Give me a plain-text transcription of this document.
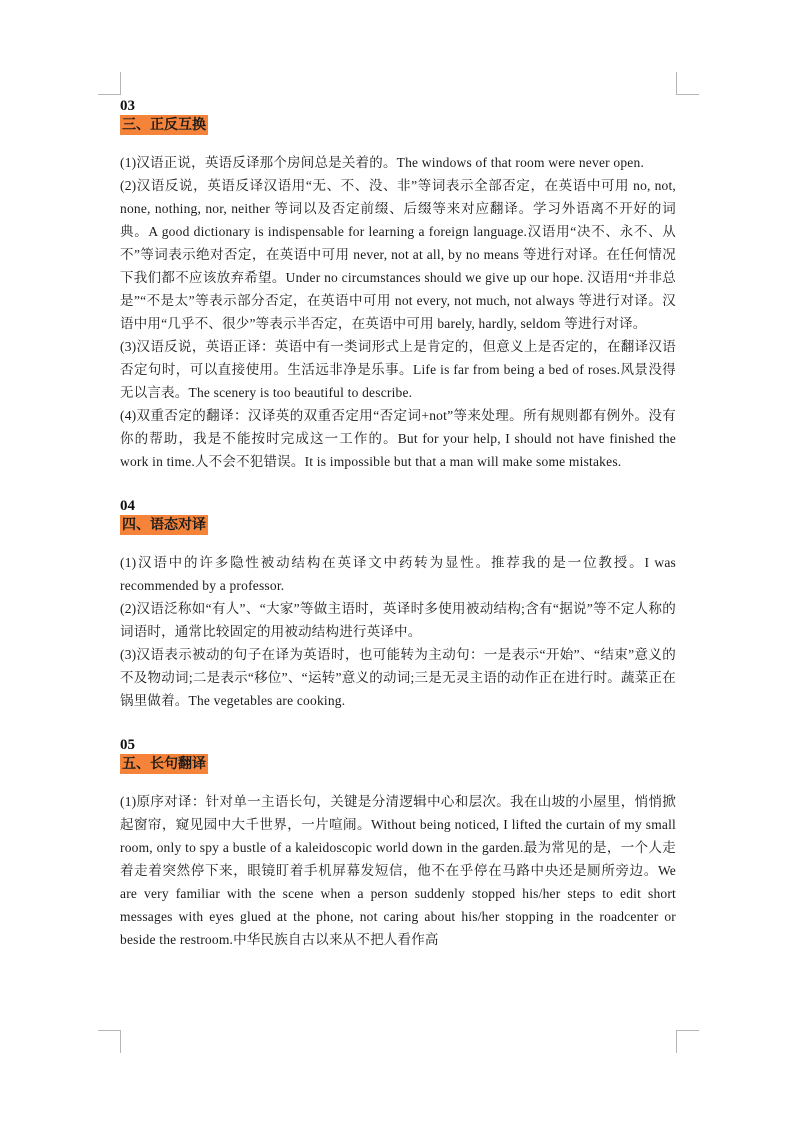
03
三、正反互换

(1)汉语正说，英语反译那个房间总是关着的。The windows of that room were never open.

(2)汉语反说，英语反译汉语用“无、不、没、非”等词表示全部否定，在英语中可用 no, not, none, nothing, nor, neither 等词以及否定前缀、后缀等来对应翻译。学习外语离不开好的词典。A good dictionary is indispensable for learning a foreign language.汉语用“决不、永不、从不”等词表示绝对否定，在英语中可用 never, not at all, by no means 等进行对译。在任何情况下我们都不应该放弃希望。Under no circumstances should we give up our hope. 汉语用“并非总是”“不是太”等表示部分否定，在英语中可用 not every, not much, not always 等进行对译。汉语中用“几乎不、很少”等表示半否定，在英语中可用 barely, hardly, seldom 等进行对译。

(3)汉语反说，英语正译：英语中有一类词形式上是肯定的，但意义上是否定的，在翻译汉语否定句时，可以直接使用。生活远非净是乐事。Life is far from being a bed of roses.风景没得无以言表。The scenery is too beautiful to describe.

(4)双重否定的翻译：汉译英的双重否定用“否定词+not”等来处理。所有规则都有例外。没有你的帮助，我是不能按时完成这一工作的。But for your help, I should not have finished the work in time.人不会不犯错误。It is impossible but that a man will make some mistakes.

04
四、语态对译

(1)汉语中的许多隐性被动结构在英译文中药转为显性。推荐我的是一位教授。I was recommended by a professor.

(2)汉语泛称如“有人”、“大家”等做主语时，英译时多使用被动结构;含有“据说”等不定人称的词语时，通常比较固定的用被动结构进行英译中。

(3)汉语表示被动的句子在译为英语时，也可能转为主动句：一是表示“开始”、“结束”意义的不及物动词;二是表示“移位”、“运转”意义的动词;三是无灵主语的动作正在进行时。蔬菜正在锅里做着。The vegetables are cooking.

05
五、长句翻译

(1)原序对译：针对单一主语长句，关键是分清逻辑中心和层次。我在山坡的小屋里，悄悄掀起窗帘，窥见园中大千世界，一片喧闹。Without being noticed, I lifted the curtain of my small room, only to spy a bustle of a kaleidoscopic world down in the garden.最为常见的是，一个人走着走着突然停下来，眼镜盯着手机屏幕发短信，他不在乎停在马路中央还是厕所旁边。We are very familiar with the scene when a person suddenly stopped his/her steps to edit short messages with eyes glued at the phone, not caring about his/her stopping in the roadcenter or beside the restroom.中华民族自古以来从不把人看作高
